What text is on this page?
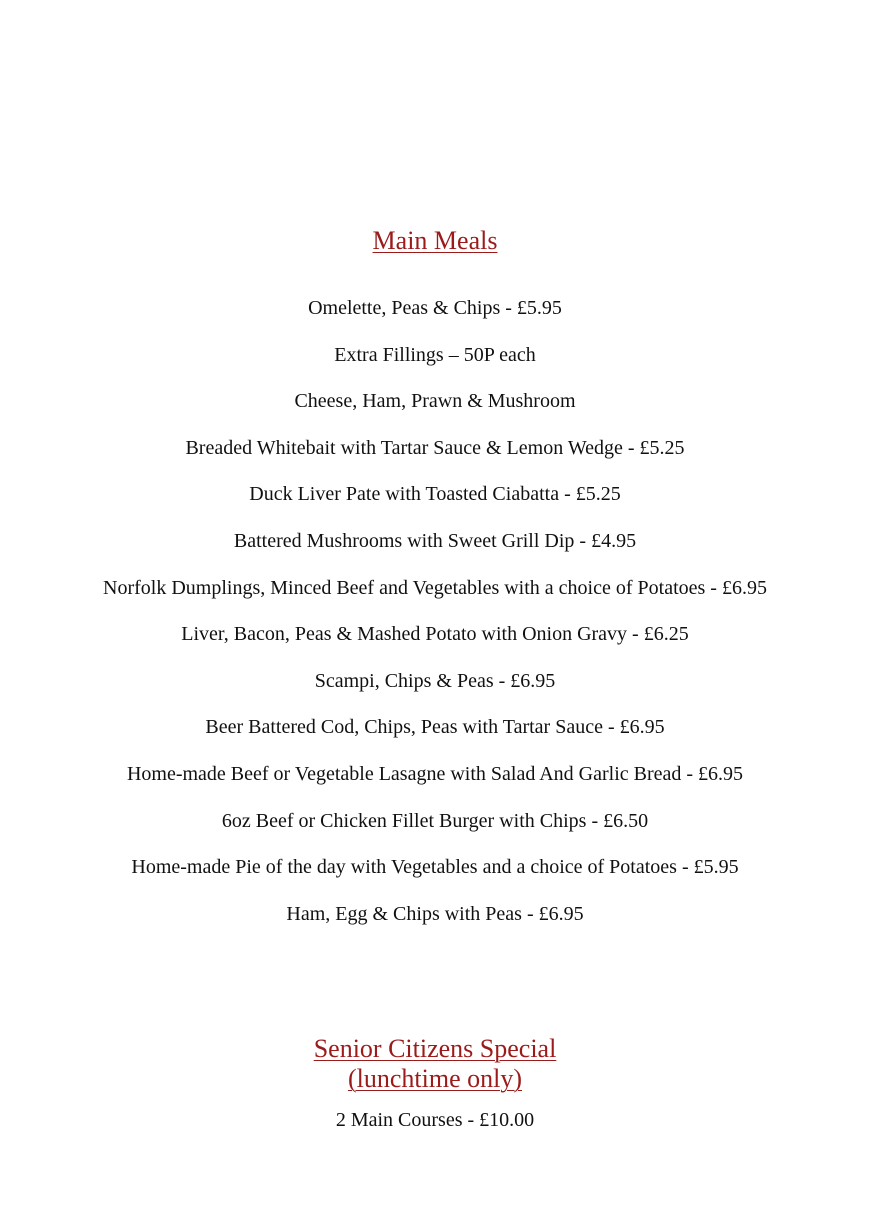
Main Meals
Omelette, Peas & Chips - £5.95
Extra Fillings – 50P each
Cheese, Ham, Prawn & Mushroom
Breaded Whitebait with Tartar Sauce & Lemon Wedge - £5.25
Duck Liver Pate with Toasted Ciabatta - £5.25
Battered Mushrooms with Sweet Grill Dip - £4.95
Norfolk Dumplings, Minced Beef and Vegetables with a choice of Potatoes - £6.95
Liver, Bacon, Peas & Mashed Potato with Onion Gravy - £6.25
Scampi, Chips & Peas - £6.95
Beer Battered Cod, Chips, Peas with Tartar Sauce - £6.95
Home-made Beef or Vegetable Lasagne with Salad And Garlic Bread - £6.95
6oz Beef or Chicken Fillet Burger with Chips - £6.50
Home-made Pie of the day with Vegetables and a choice of Potatoes - £5.95
Ham, Egg & Chips with Peas - £6.95
Senior Citizens Special
(lunchtime only)
2 Main Courses - £10.00
